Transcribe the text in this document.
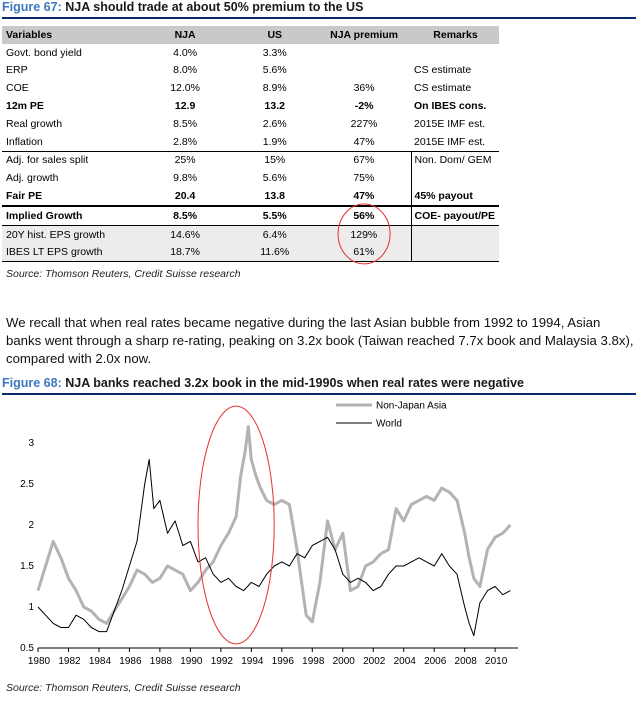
Figure 67: NJA should trade at about 50% premium to the US
Variables	NJA	US	NJA premium	Remarks
Govt. bond yield	4.0%	3.3%		
ERP	8.0%	5.6%		CS estimate
COE	12.0%	8.9%	36%	CS estimate
12m PE	12.9	13.2	-2%	On IBES cons.
Real growth	8.5%	2.6%	227%	2015E IMF est.
Inflation	2.8%	1.9%	47%	2015E IMF est.
Adj. for sales split	25%	15%	67%	Non. Dom/ GEM
Adj. growth	9.8%	5.6%	75%	
Fair PE	20.4	13.8	47%	45% payout
Implied Growth	8.5%	5.5%	56%	COE- payout/PE
20Y hist. EPS growth	14.6%	6.4%	129%	
IBES LT EPS growth	18.7%	11.6%	61%	
Source: Thomson Reuters, Credit Suisse research
We recall that when real rates became negative during the last Asian bubble from 1992 to 1994, Asian banks went through a sharp re-rating, peaking on 3.2x book (Taiwan reached 7.7x book and Malaysia 3.8x), compared with 2.0x now.
Figure 68: NJA banks reached 3.2x book in the mid-1990s when real rates were negative
0.5
1
1.5
2
2.5
3
1980 1982 1984 1986 1988 1990 1992 1994 1996 1998 2000 2002 2004 2006 2008 2010
Non-Japan Asia
World
Source: Thomson Reuters, Credit Suisse research
